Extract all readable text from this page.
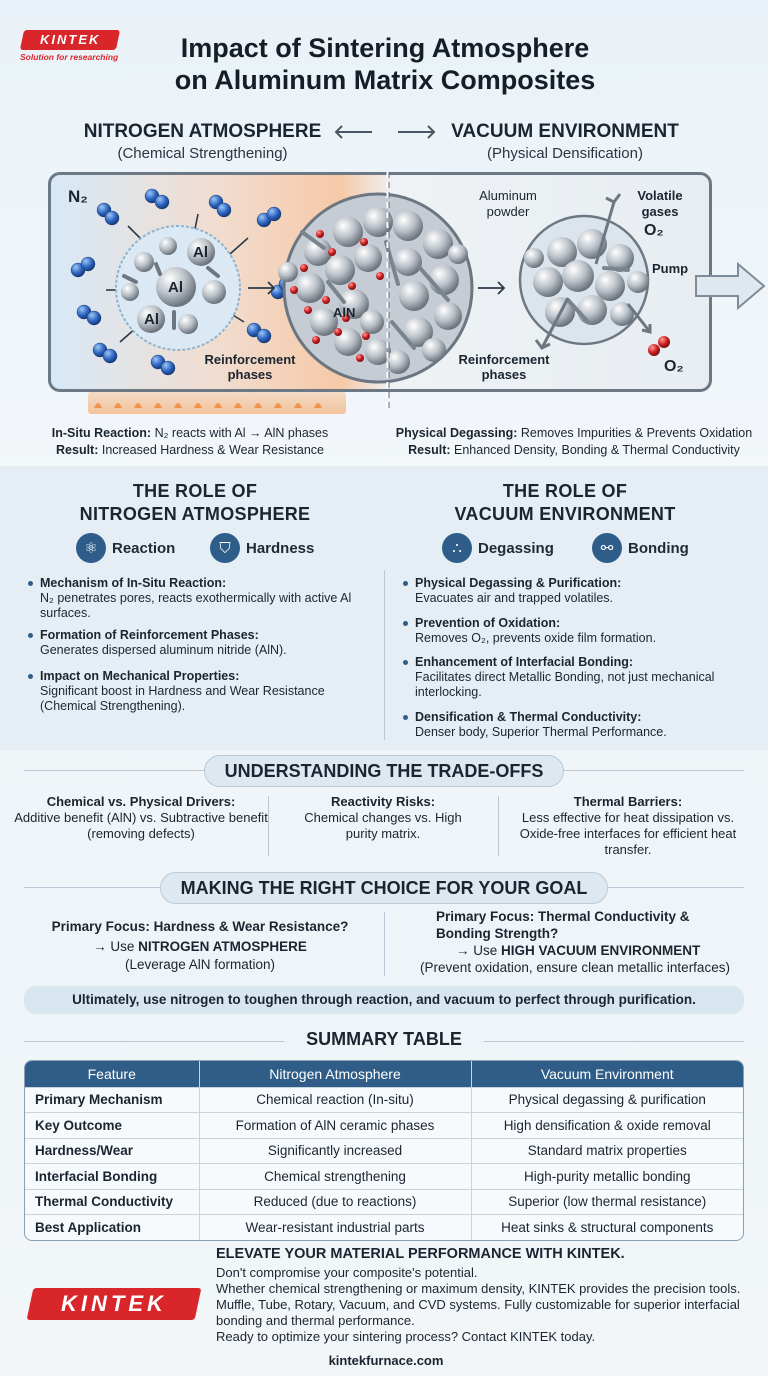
KINTEK
Solution for researching	Impact of Sintering Atmosphere
on Aluminum Matrix Composites
NITROGEN ATMOSPHERE
(Chemical Strengthening)
VACUUM ENVIRONMENT
(Physical Densification)
N₂
Al
Al
Al	AlN
Reinforcement
phases
Aluminum
powder
Volatile
gases
O₂
Pump
Reinforcement
phases	O₂
In-Situ Reaction: N₂ reacts with Al → AlN phases
Result: Increased Hardness & Wear Resistance
Physical Degassing: Removes Impurities & Prevents Oxidation
Result: Enhanced Density, Bonding & Thermal Conductivity
THE ROLE OF
NITROGEN ATMOSPHERE
THE ROLE OF
VACUUM ENVIRONMENT
⚛ Reaction	⛉ Hardness	∴ Degassing	⚯ Bonding
Mechanism of In-Situ Reaction:
N₂ penetrates pores, reacts exothermically with active Al surfaces.
Formation of Reinforcement Phases:
Generates dispersed aluminum nitride (AlN).
Impact on Mechanical Properties:
Significant boost in Hardness and Wear Resistance (Chemical Strengthening).
Physical Degassing & Purification:
Evacuates air and trapped volatiles.
Prevention of Oxidation:
Removes O₂, prevents oxide film formation.
Enhancement of Interfacial Bonding:
Facilitates direct Metallic Bonding, not just mechanical interlocking.
Densification & Thermal Conductivity:
Denser body, Superior Thermal Performance.
UNDERSTANDING THE TRADE-OFFS
Chemical vs. Physical Drivers:
Additive benefit (AlN) vs. Subtractive benefit (removing defects)
Reactivity Risks:
Chemical changes vs. High purity matrix.
Thermal Barriers:
Less effective for heat dissipation vs. Oxide-free interfaces for efficient heat transfer.
MAKING THE RIGHT CHOICE FOR YOUR GOAL
Primary Focus: Hardness & Wear Resistance?
→ Use NITROGEN ATMOSPHERE
(Leverage AlN formation)
Primary Focus: Thermal Conductivity &
Bonding Strength?
→ Use HIGH VACUUM ENVIRONMENT
(Prevent oxidation, ensure clean metallic interfaces)
Ultimately, use nitrogen to toughen through reaction, and vacuum to perfect through purification.
SUMMARY TABLE
Feature	Nitrogen Atmosphere	Vacuum Environment
Primary Mechanism	Chemical reaction (In-situ)	Physical degassing & purification
Key Outcome	Formation of AlN ceramic phases	High densification & oxide removal
Hardness/Wear	Significantly increased	Standard matrix properties
Interfacial Bonding	Chemical strengthening	High-purity metallic bonding
Thermal Conductivity	Reduced (due to reactions)	Superior (low thermal resistance)
Best Application	Wear-resistant industrial parts	Heat sinks & structural components
KINTEK
ELEVATE YOUR MATERIAL PERFORMANCE WITH KINTEK.
Don't compromise your composite's potential.
Whether chemical strengthening or maximum density, KINTEK provides the precision tools. Muffle, Tube, Rotary, Vacuum, and CVD systems. Fully customizable for superior interfacial bonding and thermal performance.
Ready to optimize your sintering process? Contact KINTEK today.
kintekfurnace.com
